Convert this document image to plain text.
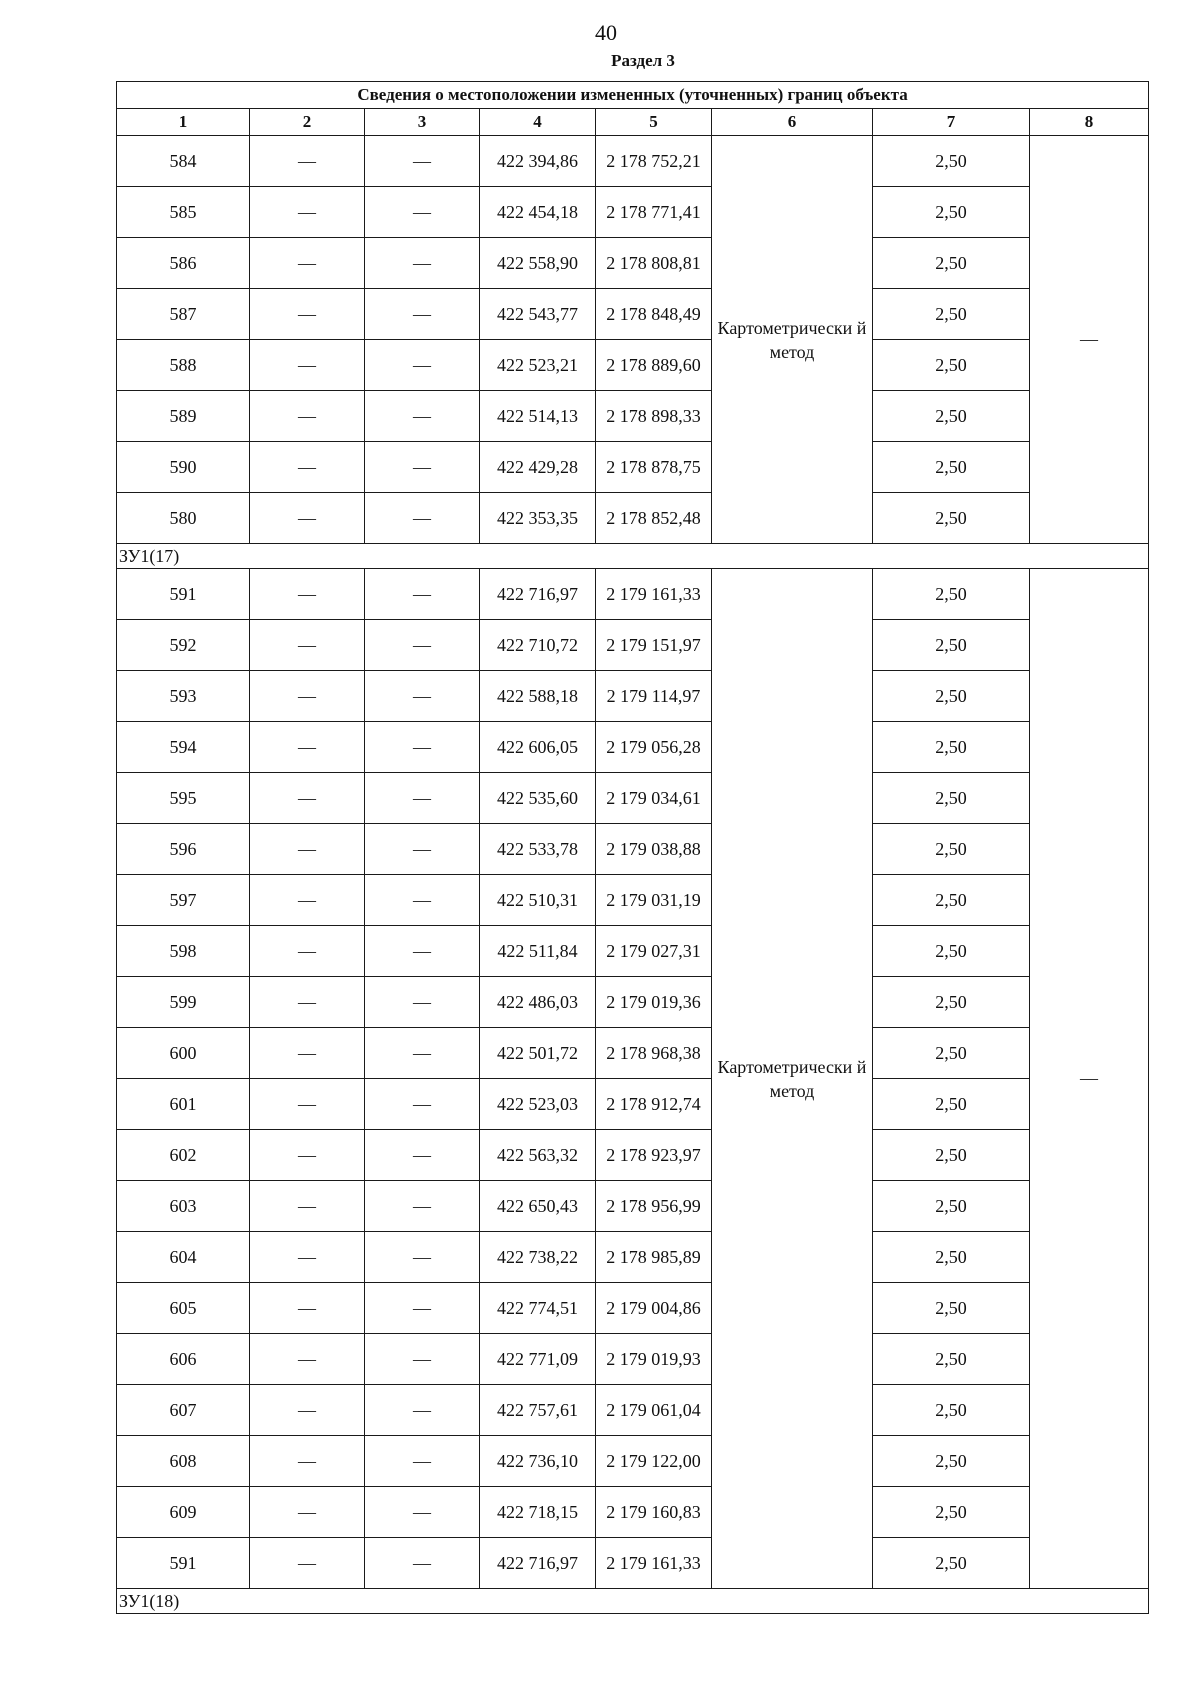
40
Раздел 3
Сведения о местоположении измененных (уточненных) границ объекта							
1	2	3	4	5	6	7	8
584	—	—	422 394,86	2 178 752,21	Картометрически й метод	2,50	—
585	—	—	422 454,18	2 178 771,41		2,50	
586	—	—	422 558,90	2 178 808,81		2,50	
587	—	—	422 543,77	2 178 848,49		2,50	
588	—	—	422 523,21	2 178 889,60		2,50	
589	—	—	422 514,13	2 178 898,33		2,50	
590	—	—	422 429,28	2 178 878,75		2,50	
580	—	—	422 353,35	2 178 852,48		2,50	
ЗУ1(17)							
591	—	—	422 716,97	2 179 161,33	Картометрически й метод	2,50	—
592	—	—	422 710,72	2 179 151,97		2,50	
593	—	—	422 588,18	2 179 114,97		2,50	
594	—	—	422 606,05	2 179 056,28		2,50	
595	—	—	422 535,60	2 179 034,61		2,50	
596	—	—	422 533,78	2 179 038,88		2,50	
597	—	—	422 510,31	2 179 031,19		2,50	
598	—	—	422 511,84	2 179 027,31		2,50	
599	—	—	422 486,03	2 179 019,36		2,50	
600	—	—	422 501,72	2 178 968,38		2,50	
601	—	—	422 523,03	2 178 912,74		2,50	
602	—	—	422 563,32	2 178 923,97		2,50	
603	—	—	422 650,43	2 178 956,99		2,50	
604	—	—	422 738,22	2 178 985,89		2,50	
605	—	—	422 774,51	2 179 004,86		2,50	
606	—	—	422 771,09	2 179 019,93		2,50	
607	—	—	422 757,61	2 179 061,04		2,50	
608	—	—	422 736,10	2 179 122,00		2,50	
609	—	—	422 718,15	2 179 160,83		2,50	
591	—	—	422 716,97	2 179 161,33		2,50	
ЗУ1(18)							
